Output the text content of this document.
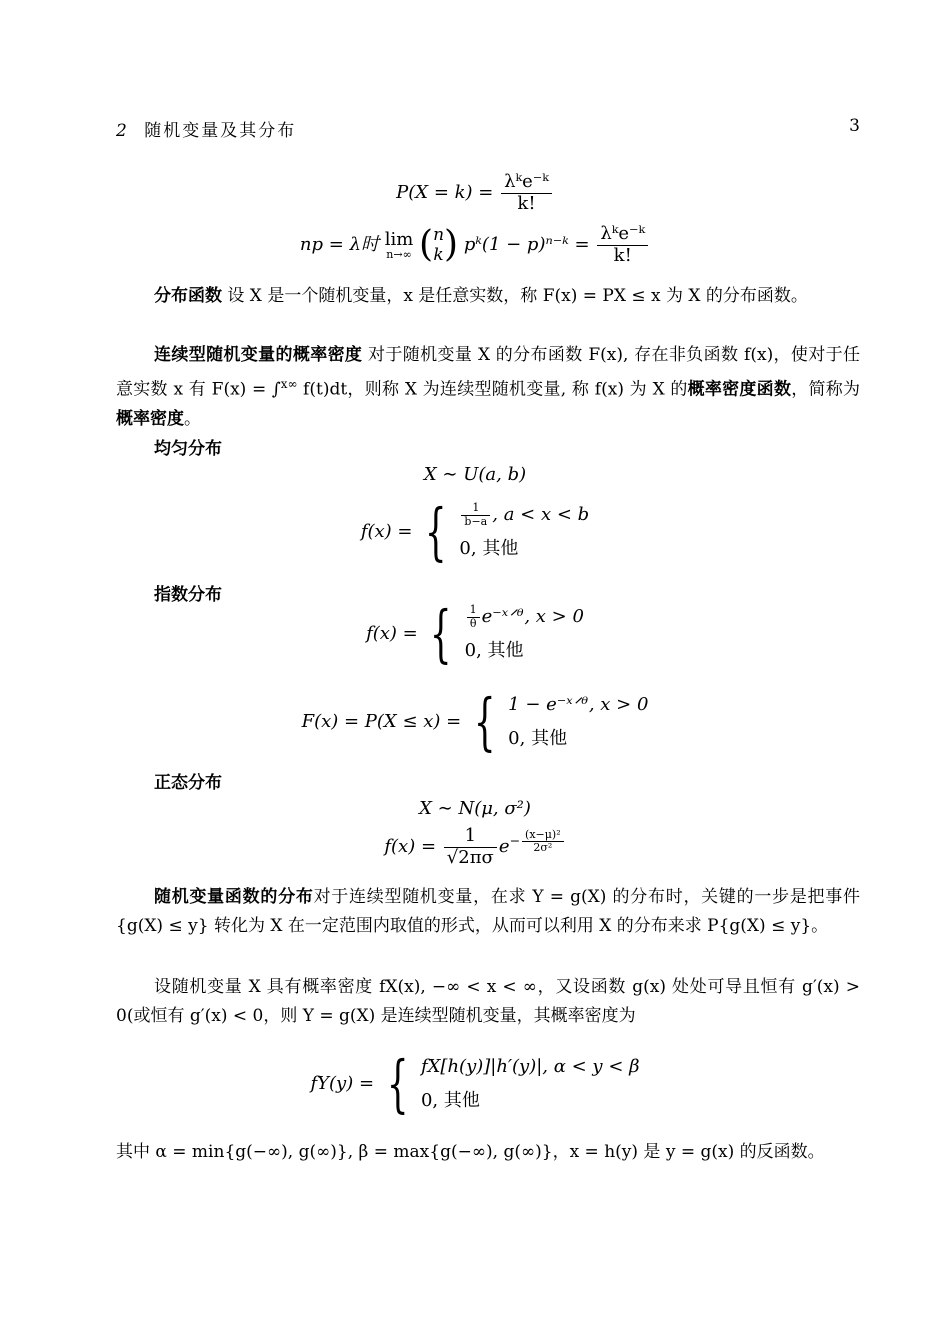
2 随机变量及其分布	3
$P(X = k) = \frac{\text{λᵏe⁻ᵏ}}{k!}$
np = λ时 lim
n→∞ ( n
k ) pᵏ(1 − p)ⁿ⁻ᵏ = $\frac{\text{λᵏe⁻ᵏ}}{k!}$
分布函数 设 X 是一个随机变量，x 是任意实数，称 F(x) = PX ≤ x 为 X 的分布函数。
连续型随机变量的概率密度 对于随机变量 X 的分布函数 F(x), 存在非负函数 f(x)，使对于任意实数 x 有 F(x) = ∫$^{x\infty}$ f(t)dt，则称 X 为连续型随机变量, 称 f(x) 为 X 的概率密度函数，简称为概率密度。
均匀分布
X ∼ U(a, b)
f(x) = { $\frac{1}{b-a}$ , a < x < b
0, 其他
指数分布
f(x) = { $\frac{1}{\theta}$ e⁻ˣᐟᶿ, x > 0
0, 其他
F(x) = P(X ≤ x) = { 1 − e⁻ˣᐟᶿ, x > 0
0, 其他
正态分布
X ∼ N(μ, σ²)
$f(x) = \frac{1}{√2\pi\sigma} e^{- \frac{\text{(x−μ)²}}{\text{2σ²}}}$
随机变量函数的分布对于连续型随机变量，在求 Y = g(X) 的分布时，关键的一步是把事件 {g(X) ≤ y} 转化为 X 在一定范围内取值的形式，从而可以利用 X 的分布来求 P{g(X) ≤ y}。
设随机变量 X 具有概率密度 fX(x), −∞ < x < ∞，又设函数 g(x) 处处可导且恒有 g′(x) > 0(或恒有 g′(x) < 0，则 Y = g(X) 是连续型随机变量，其概率密度为
fY(y) = { fX[h(y)]|h′(y)|, α < y < β
0, 其他
其中 α = min{g(−∞), g(∞)}, β = max{g(−∞), g(∞)}，x = h(y) 是 y = g(x) 的反函数。
